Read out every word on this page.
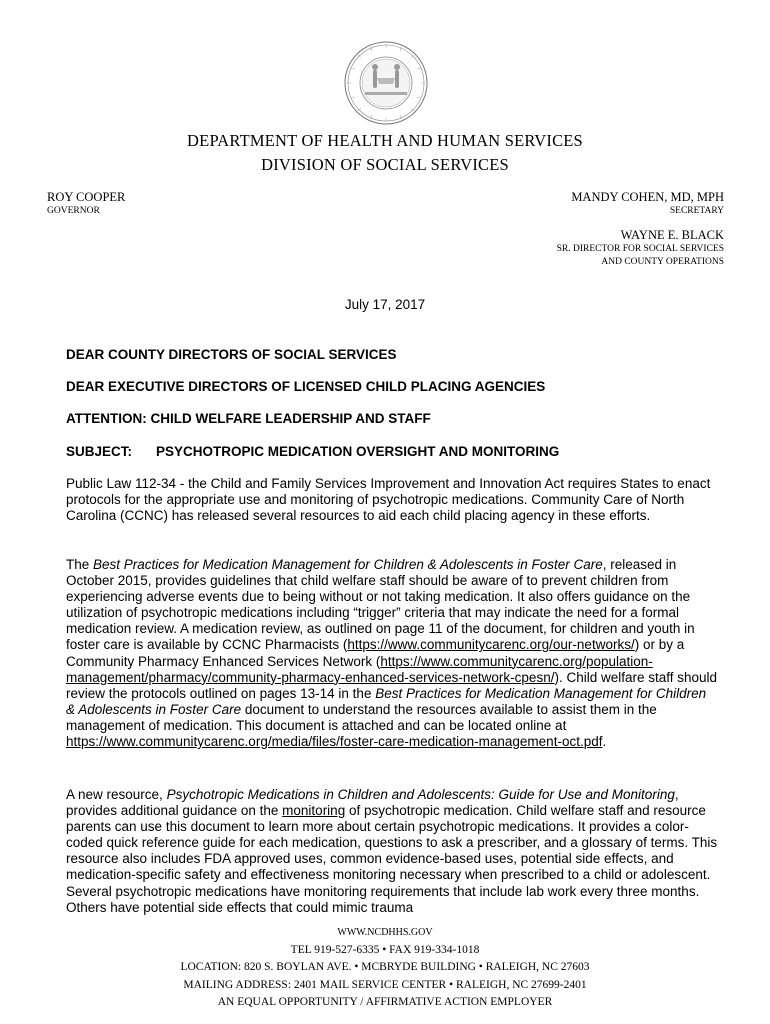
DEPARTMENT OF HEALTH AND HUMAN SERVICES
DIVISION OF SOCIAL SERVICES
ROY COOPER
GOVERNOR
MANDY COHEN, MD, MPH
SECRETARY
WAYNE E. BLACK
SR. DIRECTOR FOR SOCIAL SERVICES
AND COUNTY OPERATIONS
July 17, 2017
DEAR COUNTY DIRECTORS OF SOCIAL SERVICES
DEAR EXECUTIVE DIRECTORS OF LICENSED CHILD PLACING AGENCIES
ATTENTION: CHILD WELFARE LEADERSHIP AND STAFF
SUBJECT: PSYCHOTROPIC MEDICATION OVERSIGHT AND MONITORING

Public Law 112-34 - the Child and Family Services Improvement and Innovation Act requires States to enact protocols for the appropriate use and monitoring of psychotropic medications. Community Care of North Carolina (CCNC) has released several resources to aid each child placing agency in these efforts.

The Best Practices for Medication Management for Children & Adolescents in Foster Care, released in October 2015, provides guidelines that child welfare staff should be aware of to prevent children from experiencing adverse events due to being without or not taking medication. It also offers guidance on the utilization of psychotropic medications including “trigger” criteria that may indicate the need for a formal medication review. A medication review, as outlined on page 11 of the document, for children and youth in foster care is available by CCNC Pharmacists (https://www.communitycarenc.org/our-networks/) or by a Community Pharmacy Enhanced Services Network (https://www.communitycarenc.org/population-management/pharmacy/community-pharmacy-enhanced-services-network-cpesn/). Child welfare staff should review the protocols outlined on pages 13-14 in the Best Practices for Medication Management for Children & Adolescents in Foster Care document to understand the resources available to assist them in the management of medication. This document is attached and can be located online at https://www.communitycarenc.org/media/files/foster-care-medication-management-oct.pdf.

A new resource, Psychotropic Medications in Children and Adolescents: Guide for Use and Monitoring, provides additional guidance on the monitoring of psychotropic medication. Child welfare staff and resource parents can use this document to learn more about certain psychotropic medications. It provides a color-coded quick reference guide for each medication, questions to ask a prescriber, and a glossary of terms. This resource also includes FDA approved uses, common evidence-based uses, potential side effects, and medication-specific safety and effectiveness monitoring necessary when prescribed to a child or adolescent. Several psychotropic medications have monitoring requirements that include lab work every three months. Others have potential side effects that could mimic trauma

WWW.NCDHHS.GOV
TEL 919-527-6335 • FAX 919-334-1018
LOCATION: 820 S. BOYLAN AVE. • MCBRYDE BUILDING • RALEIGH, NC 27603
MAILING ADDRESS: 2401 MAIL SERVICE CENTER • RALEIGH, NC 27699-2401
AN EQUAL OPPORTUNITY / AFFIRMATIVE ACTION EMPLOYER
